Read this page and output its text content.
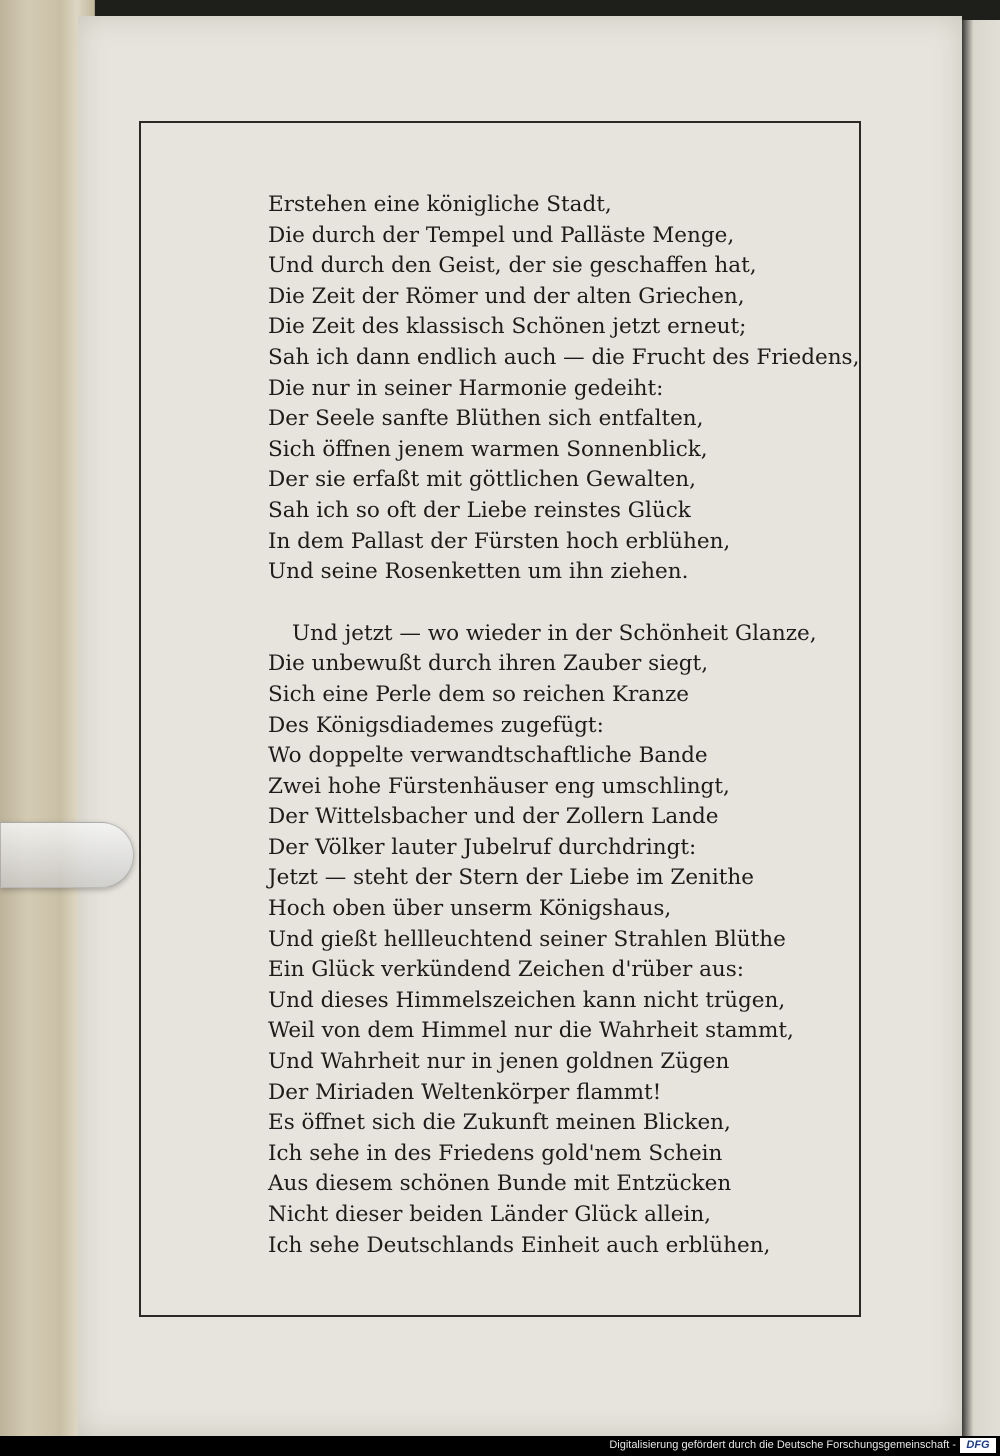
Erstehen eine königliche Stadt,
Die durch der Tempel und Palläste Menge,
Und durch den Geist, der sie geschaffen hat,
Die Zeit der Römer und der alten Griechen,
Die Zeit des klassisch Schönen jetzt erneut;
Sah ich dann endlich auch — die Frucht des Friedens,
Die nur in seiner Harmonie gedeiht:
Der Seele sanfte Blüthen sich entfalten,
Sich öffnen jenem warmen Sonnenblick,
Der sie erfaßt mit göttlichen Gewalten,
Sah ich so oft der Liebe reinstes Glück
In dem Pallast der Fürsten hoch erblühen,
Und seine Rosenketten um ihn ziehen.
Und jetzt — wo wieder in der Schönheit Glanze,
Die unbewußt durch ihren Zauber siegt,
Sich eine Perle dem so reichen Kranze
Des Königsdiademes zugefügt:
Wo doppelte verwandtschaftliche Bande
Zwei hohe Fürstenhäuser eng umschlingt,
Der Wittelsbacher und der Zollern Lande
Der Völker lauter Jubelruf durchdringt:
Jetzt — steht der Stern der Liebe im Zenithe
Hoch oben über unserm Königshaus,
Und gießt hellleuchtend seiner Strahlen Blüthe
Ein Glück verkündend Zeichen d'rüber aus:
Und dieses Himmelszeichen kann nicht trügen,
Weil von dem Himmel nur die Wahrheit stammt,
Und Wahrheit nur in jenen goldnen Zügen
Der Miriaden Weltenkörper flammt!
Es öffnet sich die Zukunft meinen Blicken,
Ich sehe in des Friedens gold'nem Schein
Aus diesem schönen Bunde mit Entzücken
Nicht dieser beiden Länder Glück allein,
Ich sehe Deutschlands Einheit auch erblühen,
Digitalisierung gefördert durch die Deutsche Forschungsgemeinschaft - DFG
